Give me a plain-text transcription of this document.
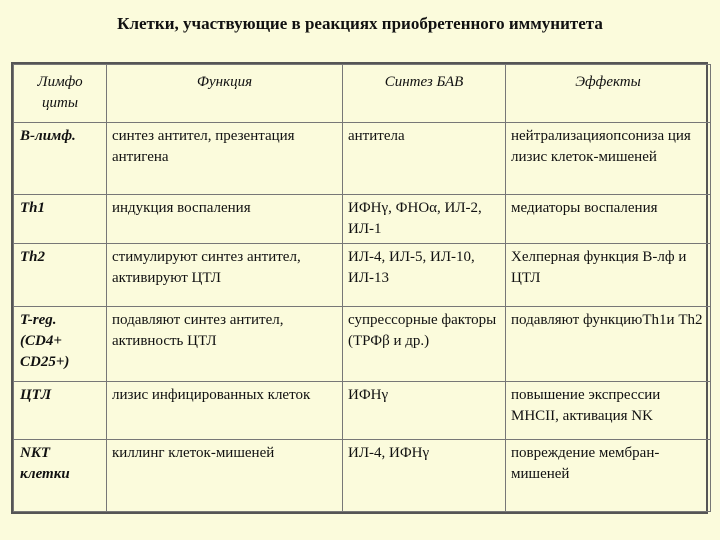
Клетки, участвующие в реакциях приобретенного иммунитета
Лимфо циты	Функция	Синтез БАВ	Эффекты
В-лимф.	синтез антител, презентация антигена	антитела	нейтрализацияопсониза ция лизис клеток-мишеней
Th1	индукция воспаления	ИФНγ, ФНОα, ИЛ-2, ИЛ-1	медиаторы воспаления
Th2	стимулируют синтез антител, активируют ЦТЛ	ИЛ-4, ИЛ-5, ИЛ-10, ИЛ-13	Хелперная функция В-лф и ЦТЛ
T-reg. (CD4+ CD25+)	подавляют синтез антител, активность ЦТЛ	супрессорные факторы (ТРФβ и др.)	подавляют функциюTh1и Th2
ЦТЛ	лизис инфицированных клеток	ИФНγ	повышение экспрессии МНСII, активация NK
NKT клетки	киллинг клеток-мишеней	ИЛ-4, ИФНγ	повреждение мембран-мишеней
